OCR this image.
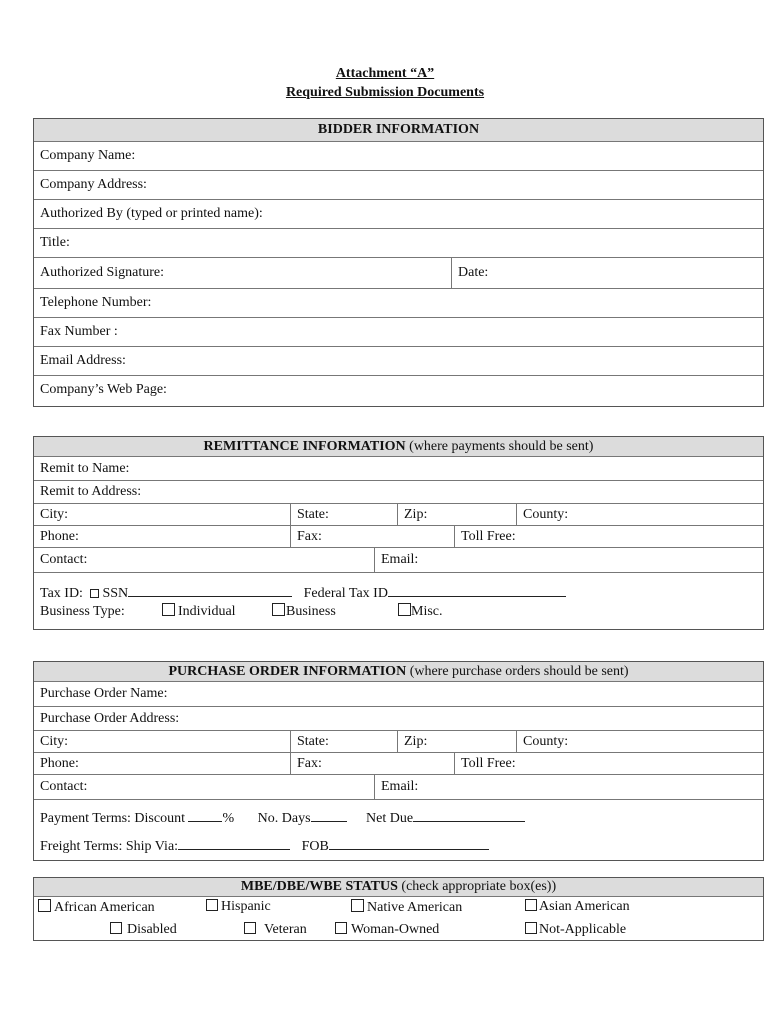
Attachment “A”
Required Submission Documents
BIDDER INFORMATION
Company Name:
Company Address:
Authorized By (typed or printed name):
Title:
Authorized Signature:	Date:
Telephone Number:
Fax Number :
Email Address:
Company’s Web Page:
REMITTANCE INFORMATION (where payments should be sent)
Remit to Name:
Remit to Address:
City:	State:	Zip:	County:
Phone:	Fax:	Toll Free:
Contact:	Email:
Tax ID: SSN	Federal Tax ID
Business Type:	Individual	Business	Misc.
PURCHASE ORDER INFORMATION (where purchase orders should be sent)
Purchase Order Name:
Purchase Order Address:
City:	State:	Zip:	County:
Phone:	Fax:	Toll Free:
Contact:	Email:
Payment Terms: Discount	% No. Days	Net Due
Freight Terms: Ship Via:	FOB
MBE/DBE/WBE STATUS (check appropriate box(es))
African American	Hispanic	Native American	Asian American
Disabled	Veteran	Woman-Owned	Not-Applicable
